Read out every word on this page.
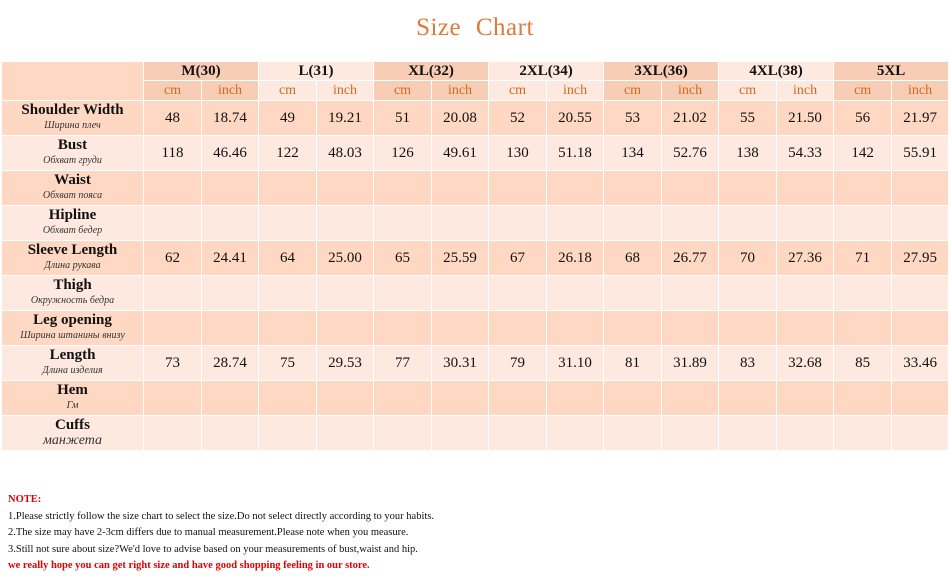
Size Chart
	M(30)		L(31)		XL(32)		2XL(34)		3XL(36)		4XL(38)		5XL	
	cm	inch	cm	inch	cm	inch	cm	inch	cm	inch	cm	inch	cm	inch

Shoulder Width
Ширина плеч	48	18.74	49	19.21	51	20.08	52	20.55	53	21.02	55	21.50	56	21.97

Bust
Обхват груди	118	46.46	122	48.03	126	49.61	130	51.18	134	52.76	138	54.33	142	55.91

Waist
Обхват пояса														

Hipline
Обхват бедер														

Sleeve Length
Длина рукава	62	24.41	64	25.00	65	25.59	67	26.18	68	26.77	70	27.36	71	27.95

Thigh
Окружность бедра														

Leg opening
Ширина штанины внизу														

Length
Длина изделия	73	28.74	75	29.53	77	30.31	79	31.10	81	31.89	83	32.68	85	33.46

Hem
Гм														

Cuffs
манжета														

NOTE:
1.Please strictly follow the size chart to select the size.Do not select directly according to your habits.
2.The size may have 2-3cm differs due to manual measurement.Please note when you measure.
3.Still not sure about size?We'd love to advise based on your measurements of bust,waist and hip.
we really hope you can get right size and have good shopping feeling in our store.
